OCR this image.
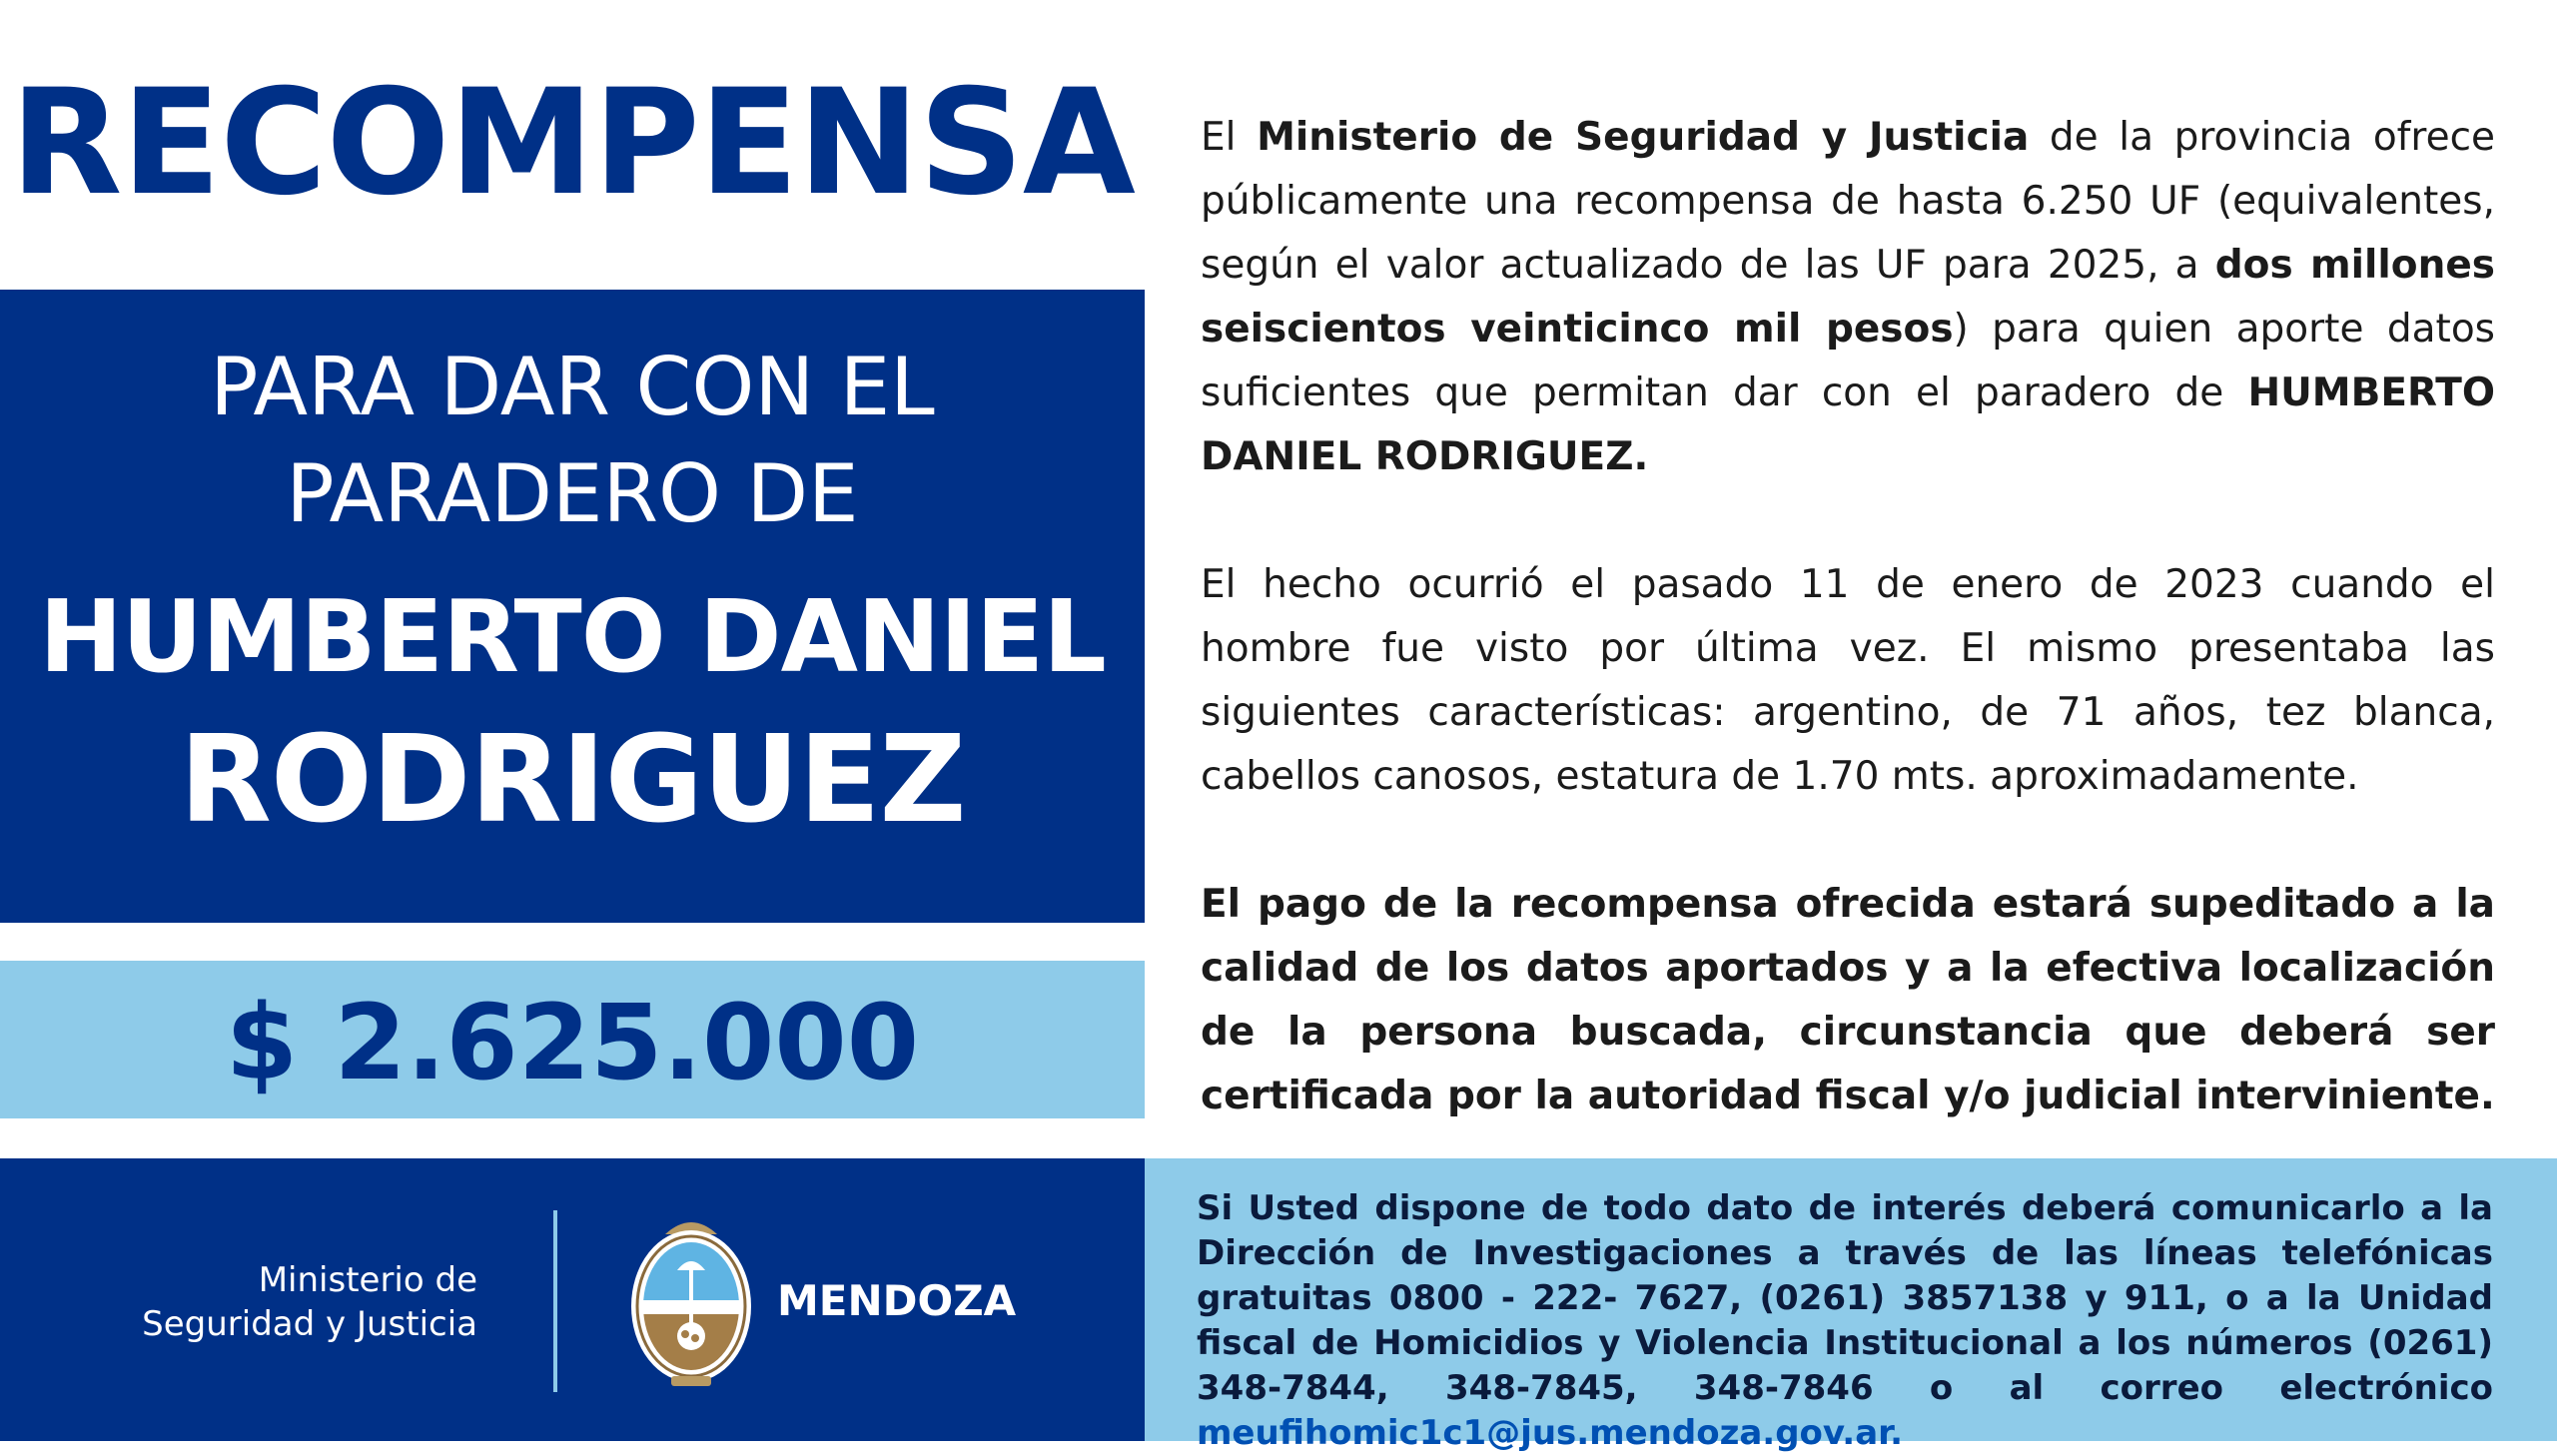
RECOMPENSA
PARA DAR CON EL
PARADERO DE
HUMBERTO DANIEL
RODRIGUEZ
$ 2.625.000

El Ministerio de Seguridad y Justicia de la provincia ofrece públicamente una recompensa de hasta 6.250 UF (equivalentes, según el valor actualizado de las UF para 2025, a dos millones seiscientos veinticinco mil pesos) para quien aporte datos suficientes que permitan dar con el paradero de HUMBERTO DANIEL RODRIGUEZ.

El hecho ocurrió el pasado 11 de enero de 2023 cuando el hombre fue visto por última vez. El mismo presentaba las siguientes características: argentino, de 71 años, tez blanca, cabellos canosos, estatura de 1.70 mts. aproximadamente.

El pago de la recompensa ofrecida estará supeditado a la calidad de los datos aportados y a la efectiva localización de la persona buscada, circunstancia que deberá ser certificada por la autoridad fiscal y/o judicial interviniente.

Ministerio de
Seguridad y Justicia	MENDOZA
Si Usted dispone de todo dato de interés deberá comunicarlo a la Dirección de Investigaciones a través de las líneas telefónicas gratuitas 0800 - 222- 7627, (0261) 3857138 y 911, o a la Unidad fiscal de Homicidios y Violencia Institucional a los números (0261) 348-7844, 348-7845, 348-7846 o al correo electrónico meufihomic1c1@jus.mendoza.gov.ar.
